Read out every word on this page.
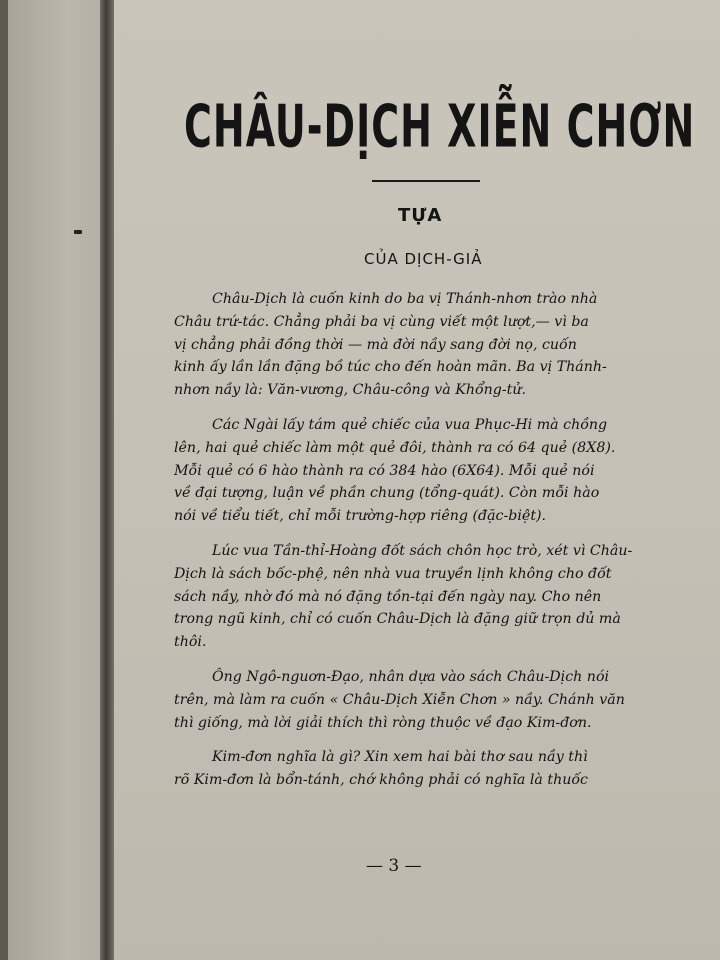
CHÂU-DỊCH XIỄN CHƠN
TỰA
CỦA DỊCH-GIẢ
Châu-Dịch là cuốn kinh do ba vị Thánh-nhơn trào nhà
Châu trứ-tác. Chẳng phải ba vị cùng viết một lượt,— vì ba
vị chẳng phải đồng thời — mà đời nầy sang đời nọ, cuốn
kinh ấy lần lần đặng bồ túc cho đến hoàn mãn. Ba vị Thánh-
nhơn nầy là: Văn-vương, Châu-công và Khổng-tử.
Các Ngài lấy tám quẻ chiếc của vua Phục-Hi mà chồng
lên, hai quẻ chiếc làm một quẻ đôi, thành ra có 64 quẻ (8X8).
Mỗi quẻ có 6 hào thành ra có 384 hào (6X64). Mỗi quẻ nói
về đại tượng, luận về phần chung (tổng-quát). Còn mỗi hào
nói về tiểu tiết, chỉ mỗi trường-hợp riêng (đặc-biệt).
Lúc vua Tần-thỉ-Hoàng đốt sách chôn học trò, xét vì Châu-
Dịch là sách bốc-phệ, nên nhà vua truyền lịnh không cho đốt
sách nầy, nhờ đó mà nó đặng tồn-tại đến ngày nay. Cho nên
trong ngũ kinh, chỉ có cuốn Châu-Dịch là đặng giữ trọn dủ mà
thôi.
Ông Ngô-nguơn-Đạo, nhân dựa vào sách Châu-Dịch nói
trên, mà làm ra cuốn « Châu-Dịch Xiễn Chơn » nầy. Chánh văn
thì giống, mà lời giải thích thì ròng thuộc về đạo Kim-đơn.
Kim-đơn nghĩa là gì? Xin xem hai bài thơ sau nầy thì
rõ Kim-đơn là bổn-tánh, chớ không phải có nghĩa là thuốc
— 3 —
